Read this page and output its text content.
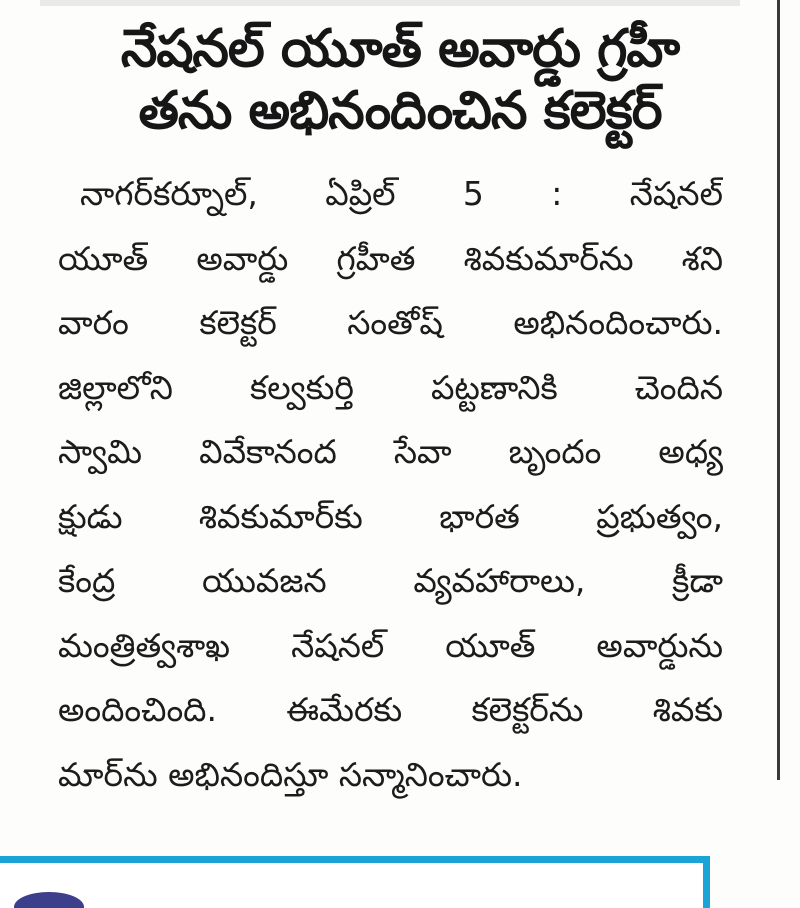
నేషనల్ యూత్ అవార్డు గ్రహీ
తను అభినందించిన కలెక్టర్
నాగర్‌కర్నూల్, ఏప్రిల్ 5 : నేషనల్
యూత్ అవార్డు గ్రహీత శివకుమార్‌ను శని
వారం కలెక్టర్ సంతోష్ అభినందించారు.
జిల్లాలోని కల్వకుర్తి పట్టణానికి చెందిన
స్వామి వివేకానంద సేవా బృందం అధ్య
క్షుడు శివకుమార్‌కు భారత ప్రభుత్వం,
కేంద్ర యువజన వ్యవహారాలు, క్రీడా
మంత్రిత్వశాఖ నేషనల్ యూత్ అవార్డును
అందించింది. ఈమేరకు కలెక్టర్‌ను శివకు
మార్‌ను అభినందిస్తూ సన్మానించారు.
